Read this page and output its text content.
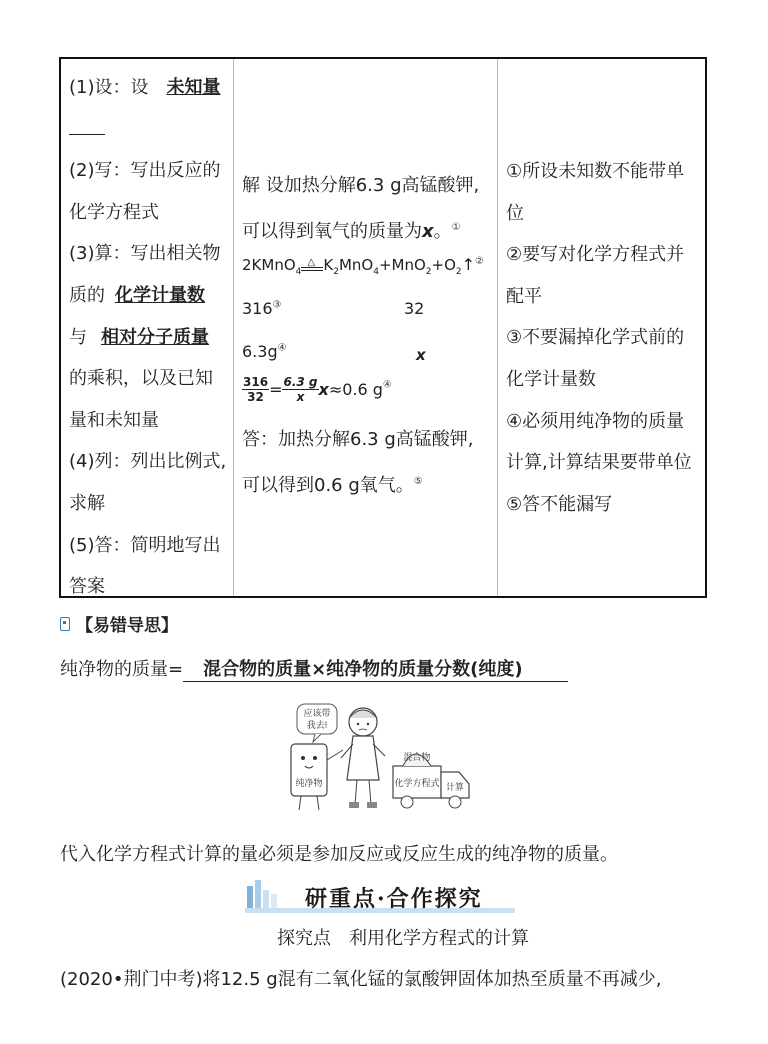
(1)设：设 未知量
(2)写：写出反应的
化学方程式
(3)算：写出相关物
质的 化学计量数
与 相对分子质量
的乘积，以及已知
量和未知量
(4)列：列出比例式,
求解
(5)答：简明地写出
答案
解 设加热分解6.3 g高锰酸钾,
可以得到氧气的质量为x。①
2KMnO$_4$
△ $K_2MnO_4+MnO_2+O_2↑^②$
316③	32
6.3g④	x
$\frac{316}{32} = \frac{6.3 g}{x} x\approx 0.6$ g④
答：加热分解6.3 g高锰酸钾,
可以得到0.6 g氧气。⑤
①所设未知数不能带单
位
②要写对化学方程式并
配平
③不要漏掉化学式前的
化学计量数
④必须用纯净物的质量
计算,计算结果要带单位
⑤答不能漏写
【易错导思】
纯净物的质量= 混合物的质量×纯净物的质量分数(纯度)
应该带
我去!
纯净物
混合物
化学方程式 计算
代入化学方程式计算的量必须是参加反应或反应生成的纯净物的质量。
研重点·合作探究
探究点 利用化学方程式的计算
(2020•荆门中考)将12.5 g混有二氧化锰的氯酸钾固体加热至质量不再减少,
